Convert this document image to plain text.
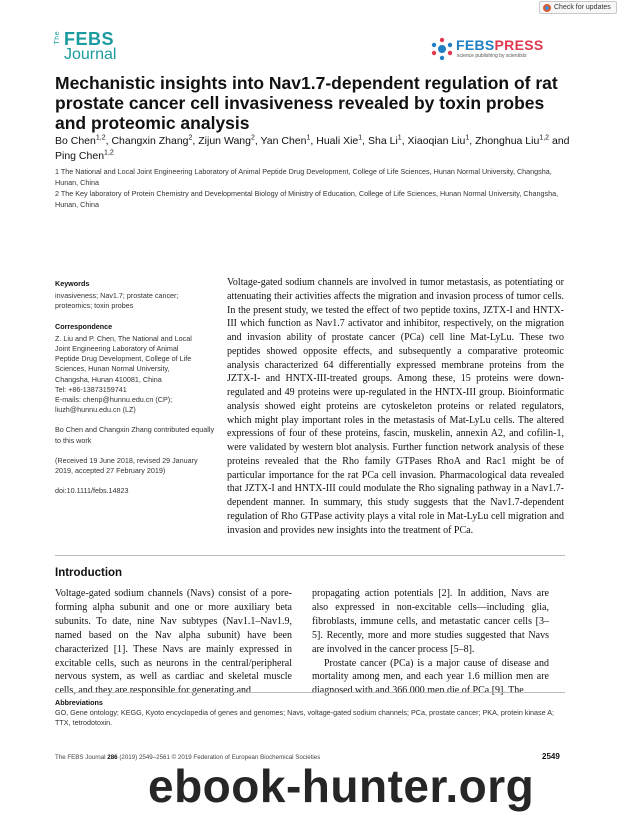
Check for updates
The FEBS
Journal
FEBSPRESS
science publishing by scientists
Mechanistic insights into Nav1.7-dependent regulation of rat prostate cancer cell invasiveness revealed by toxin probes and proteomic analysis
Bo Chen$^{1,2}$, Changxin Zhang$^2$, Zijun Wang$^2$, Yan Chen$^1$, Huali Xie$^1$, Sha Li$^1$, Xiaoqian Liu$^1$, Zhonghua Liu$^{1,2}$ and Ping Chen$^{1,2}$
1 The National and Local Joint Engineering Laboratory of Animal Peptide Drug Development, College of Life Sciences, Hunan Normal University, Changsha, Hunan, China
2 The Key laboratory of Protein Chemistry and Developmental Biology of Ministry of Education, College of Life Sciences, Hunan Normal University, Changsha, Hunan, China
Keywords

invasiveness; Nav1.7; prostate cancer; proteomics; toxin probes

Correspondence

Z. Liu and P. Chen, The National and Local

Joint Engineering Laboratory of Animal

Peptide Drug Development, College of Life

Sciences, Hunan Normal University,

Changsha, Hunan 410081, China

Tel: +86-13873159741

E-mails: chenp@hunnu.edu.cn (CP);

liuzh@hunnu.edu.cn (LZ)

Bo Chen and Changxin Zhang contributed equally to this work

(Received 19 June 2018, revised 29 January 2019, accepted 27 February 2019)

doi:10.1111/febs.14823

Voltage-gated sodium channels are involved in tumor metastasis, as potentiating or attenuating their activities affects the migration and invasion process of tumor cells. In the present study, we tested the effect of two peptide toxins, JZTX-I and HNTX-III which function as Nav1.7 activator and inhibitor, respectively, on the migration and invasion ability of prostate cancer (PCa) cell line Mat-LyLu. These two peptides showed opposite effects, and subsequently a comparative proteomic analysis characterized 64 differentially expressed membrane proteins from the JZTX-I- and HNTX-III-treated groups. Among these, 15 proteins were down-regulated and 49 proteins were up-regulated in the HNTX-III group. Bioinformatic analysis showed eight proteins are cytoskeleton proteins or related regulators, which might play important roles in the metastasis of Mat-LyLu cells. The altered expressions of four of these proteins, fascin, muskelin, annexin A2, and cofilin-1, were validated by western blot analysis. Further function network analysis of these proteins revealed that the Rho family GTPases RhoA and Rac1 might be of particular importance for the rat PCa cell invasion. Pharmacological data revealed that JZTX-I and HNTX-III could modulate the Rho signaling pathway in a Nav1.7-dependent manner. In summary, this study suggests that the Nav1.7-dependent regulation of Rho GTPase activity plays a vital role in Mat-LyLu cell migration and invasion and provides new insights into the treatment of PCa.
Introduction

Voltage-gated sodium channels (Navs) consist of a pore-forming alpha subunit and one or more auxiliary beta subunits. To date, nine Nav subtypes (Nav1.1–Nav1.9, named based on the Nav alpha subunit) have been characterized [1]. These Navs are mainly expressed in excitable cells, such as neurons in the central/peripheral nervous system, as well as cardiac and skeletal muscle cells, and they are responsible for generating and

propagating action potentials [2]. In addition, Navs are also expressed in non-excitable cells—including glia, fibroblasts, immune cells, and metastatic cancer cells [3–5]. Recently, more and more studies suggested that Navs are involved in the cancer process [5–8].

Prostate cancer (PCa) is a major cause of disease and mortality among men, and each year 1.6 million men are diagnosed with and 366 000 men die of PCa [9]. The

Abbreviations
GO, Gene ontology; KEGG, Kyoto encyclopedia of genes and genomes; Navs, voltage-gated sodium channels; PCa, prostate cancer; PKA, protein kinase A; TTX, tetrodotoxin.
The FEBS Journal 286 (2019) 2549–2561 © 2019 Federation of European Biochemical Societies	2549
ebook-hunter.org
